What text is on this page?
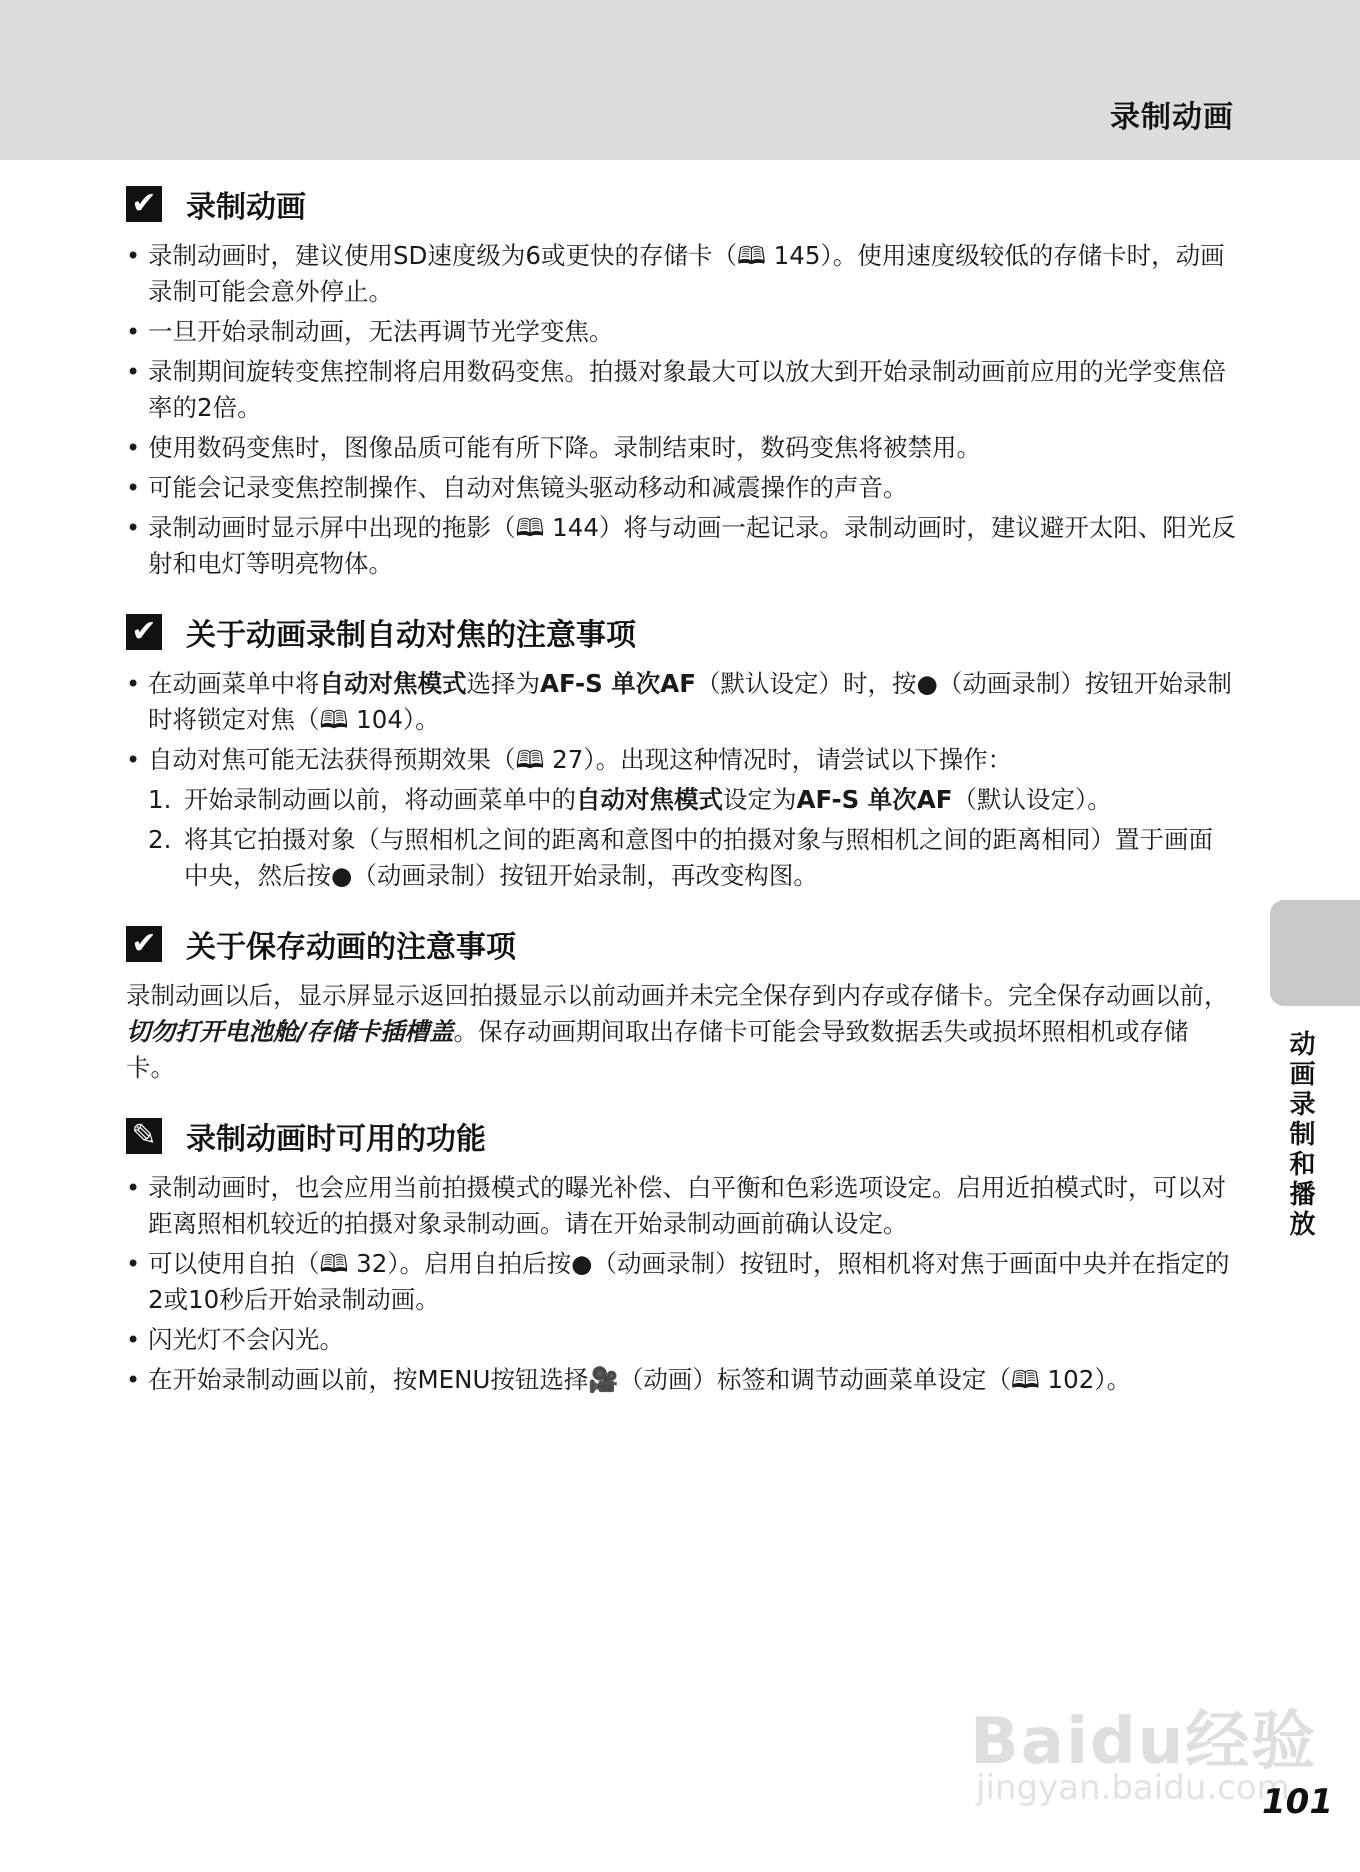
录制动画
✔ 录制动画
• 录制动画时，建议使用SD速度级为6或更快的存储卡（🕮 145）。使用速度级较低的存储卡时，动画录制可能会意外停止。
• 一旦开始录制动画，无法再调节光学变焦。
• 录制期间旋转变焦控制将启用数码变焦。拍摄对象最大可以放大到开始录制动画前应用的光学变焦倍率的2倍。
• 使用数码变焦时，图像品质可能有所下降。录制结束时，数码变焦将被禁用。
• 可能会记录变焦控制操作、自动对焦镜头驱动移动和减震操作的声音。
• 录制动画时显示屏中出现的拖影（🕮 144）将与动画一起记录。录制动画时，建议避开太阳、阳光反射和电灯等明亮物体。
✔ 关于动画录制自动对焦的注意事项
• 在动画菜单中将自动对焦模式选择为AF-S 单次AF（默认设定）时，按●（动画录制）按钮开始录制时将锁定对焦（🕮 104）。
• 自动对焦可能无法获得预期效果（🕮 27）。出现这种情况时，请尝试以下操作：
1. 开始录制动画以前，将动画菜单中的自动对焦模式设定为AF-S 单次AF（默认设定）。
2. 将其它拍摄对象（与照相机之间的距离和意图中的拍摄对象与照相机之间的距离相同）置于画面中央，然后按●（动画录制）按钮开始录制，再改变构图。
✔ 关于保存动画的注意事项

录制动画以后，显示屏显示返回拍摄显示以前动画并未完全保存到内存或存储卡。完全保存动画以前，切勿打开电池舱/存储卡插槽盖。保存动画期间取出存储卡可能会导致数据丢失或损坏照相机或存储卡。

✎ 录制动画时可用的功能
• 录制动画时，也会应用当前拍摄模式的曝光补偿、白平衡和色彩选项设定。启用近拍模式时，可以对距离照相机较近的拍摄对象录制动画。请在开始录制动画前确认设定。
• 可以使用自拍（🕮 32）。启用自拍后按●（动画录制）按钮时，照相机将对焦于画面中央并在指定的2或10秒后开始录制动画。
• 闪光灯不会闪光。
• 在开始录制动画以前，按MENU按钮选择🎥（动画）标签和调节动画菜单设定（🕮 102）。
动画录制和播放
Baidu经验
jingyan.baidu.com
101
